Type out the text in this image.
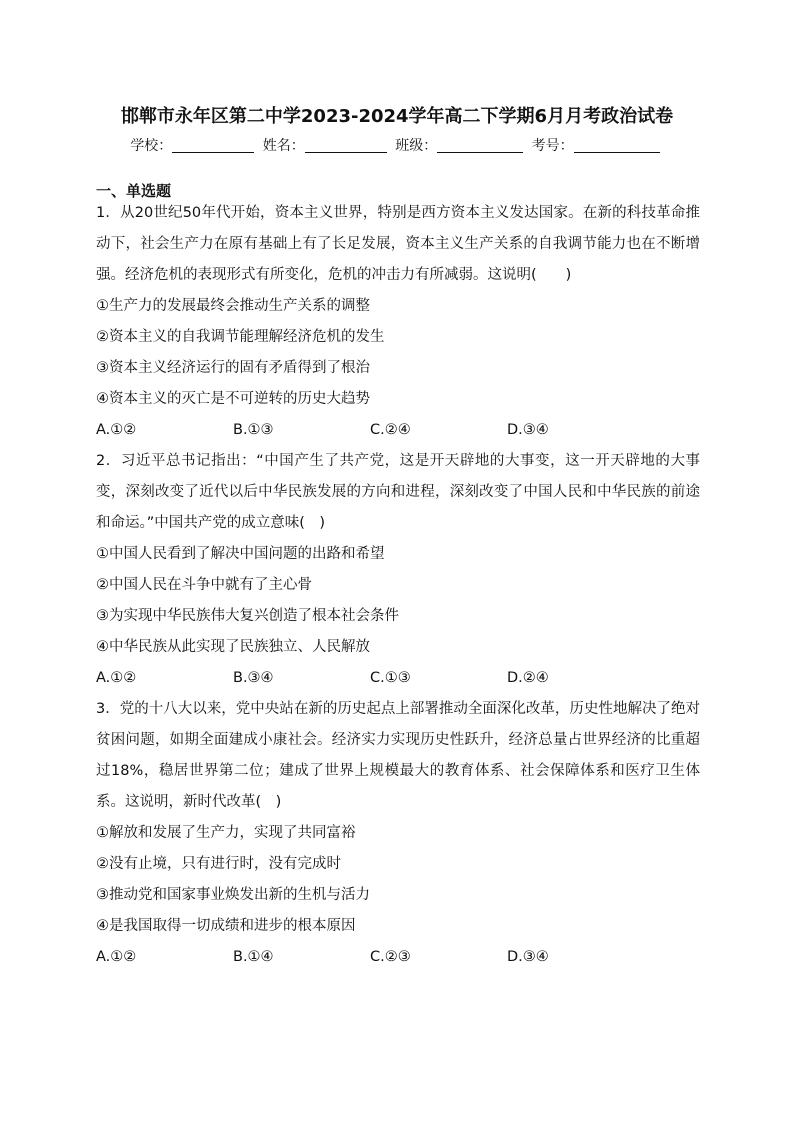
邯郸市永年区第二中学2023-2024学年高二下学期6月月考政治试卷
学校：	姓名：	班级：	考号：
一、单选题

1．从20世纪50年代开始，资本主义世界，特别是西方资本主义发达国家。在新的科技革命推动下，社会生产力在原有基础上有了长足发展，资本主义生产关系的自我调节能力也在不断增强。经济危机的表现形式有所变化，危机的冲击力有所减弱。这说明(　　)

①生产力的发展最终会推动生产关系的调整

②资本主义的自我调节能理解经济危机的发生

③资本主义经济运行的固有矛盾得到了根治

④资本主义的灭亡是不可逆转的历史大趋势

A.①②	B.①③	C.②④	D.③④

2．习近平总书记指出：“中国产生了共产党，这是开天辟地的大事变，这一开天辟地的大事变，深刻改变了近代以后中华民族发展的方向和进程，深刻改变了中国人民和中华民族的前途和命运。”中国共产党的成立意味(　)

①中国人民看到了解决中国问题的出路和希望

②中国人民在斗争中就有了主心骨

③为实现中华民族伟大复兴创造了根本社会条件

④中华民族从此实现了民族独立、人民解放

A.①②	B.③④	C.①③	D.②④

3．党的十八大以来，党中央站在新的历史起点上部署推动全面深化改革，历史性地解决了绝对贫困问题，如期全面建成小康社会。经济实力实现历史性跃升，经济总量占世界经济的比重超过18%，稳居世界第二位；建成了世界上规模最大的教育体系、社会保障体系和医疗卫生体系。这说明，新时代改革(　)

①解放和发展了生产力，实现了共同富裕

②没有止境，只有进行时，没有完成时

③推动党和国家事业焕发出新的生机与活力

④是我国取得一切成绩和进步的根本原因

A.①②	B.①④	C.②③	D.③④
